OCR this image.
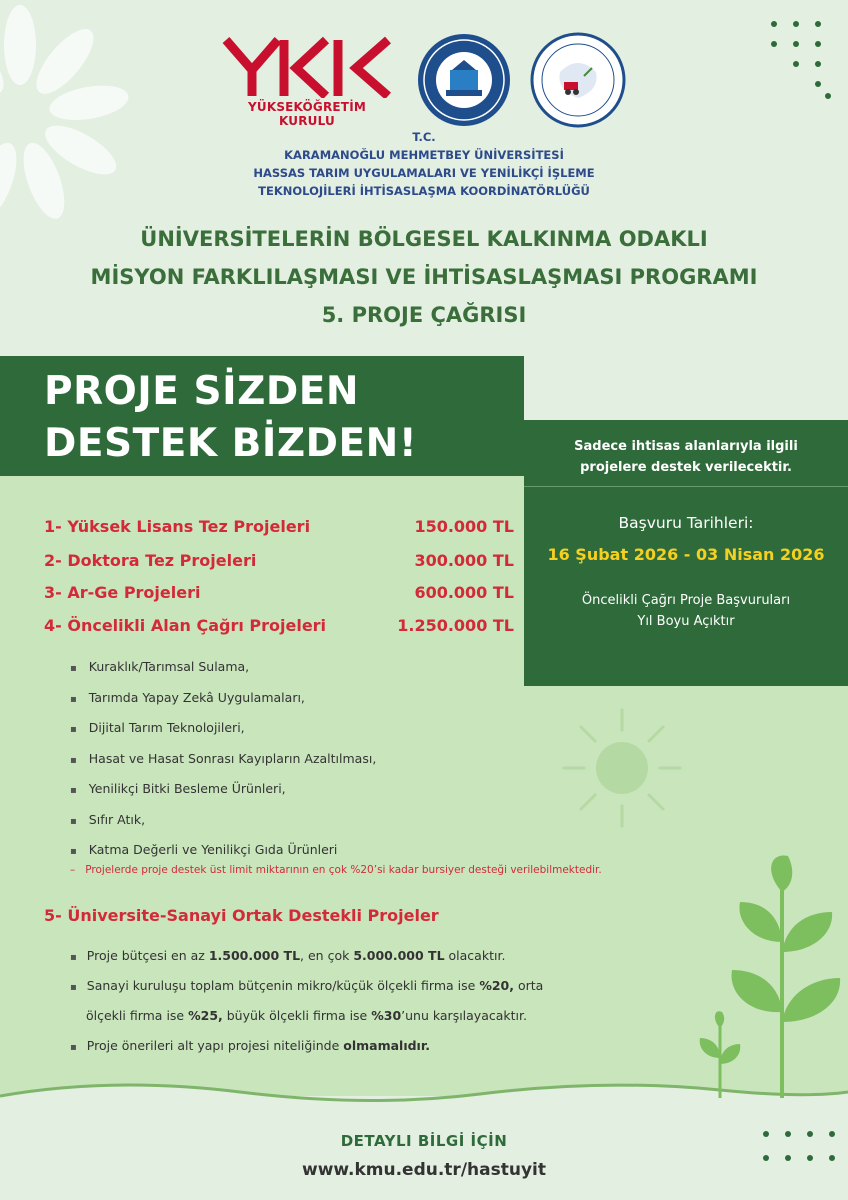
YÜKSEKÖĞRETİM KURULU
T.C.
KARAMANOĞLU MEHMETBEY ÜNİVERSİTESİ
HASSAS TARIM UYGULAMALARI VE YENİLİKÇİ İŞLEME
TEKNOLOJİLERİ İHTİSASLAŞMA KOORDİNATÖRLÜĞÜ
ÜNİVERSİTELERİN BÖLGESEL KALKINMA ODAKLI
MİSYON FARKLILAŞMASI VE İHTİSASLAŞMASI PROGRAMI
5. PROJE ÇAĞRISI
PROJE SİZDEN
DESTEK BİZDEN!	Sadece ihtisas alanlarıyla ilgili
projelere destek verilecektir.
Başvuru Tarihleri:
16 Şubat 2026 - 03 Nisan 2026
Öncelikli Çağrı Proje Başvuruları
Yıl Boyu Açıktır
1- Yüksek Lisans Tez Projeleri	150.000 TL
2- Doktora Tez Projeleri	300.000 TL
3- Ar-Ge Projeleri	600.000 TL
4- Öncelikli Alan Çağrı Projeleri	1.250.000 TL
▪ Kuraklık/Tarımsal Sulama,
▪ Tarımda Yapay Zekâ Uygulamaları,
▪ Dijital Tarım Teknolojileri,
▪ Hasat ve Hasat Sonrası Kayıpların Azaltılması,
▪ Yenilikçi Bitki Besleme Ürünleri,
▪ Sıfır Atık,
▪ Katma Değerli ve Yenilikçi Gıda Ürünleri
– Projelerde proje destek üst limit miktarının en çok %20’si kadar bursiyer desteği verilebilmektedir.
5- Üniversite-Sanayi Ortak Destekli Projeler
▪ Proje bütçesi en az 1.500.000 TL, en çok 5.000.000 TL olacaktır.
▪ Sanayi kuruluşu toplam bütçenin mikro/küçük ölçekli firma ise %20, orta
ölçekli firma ise %25, büyük ölçekli firma ise %30’unu karşılayacaktır.
▪ Proje önerileri alt yapı projesi niteliğinde olmamalıdır.
DETAYLI BİLGİ İÇİN
www.kmu.edu.tr/hastuyit
